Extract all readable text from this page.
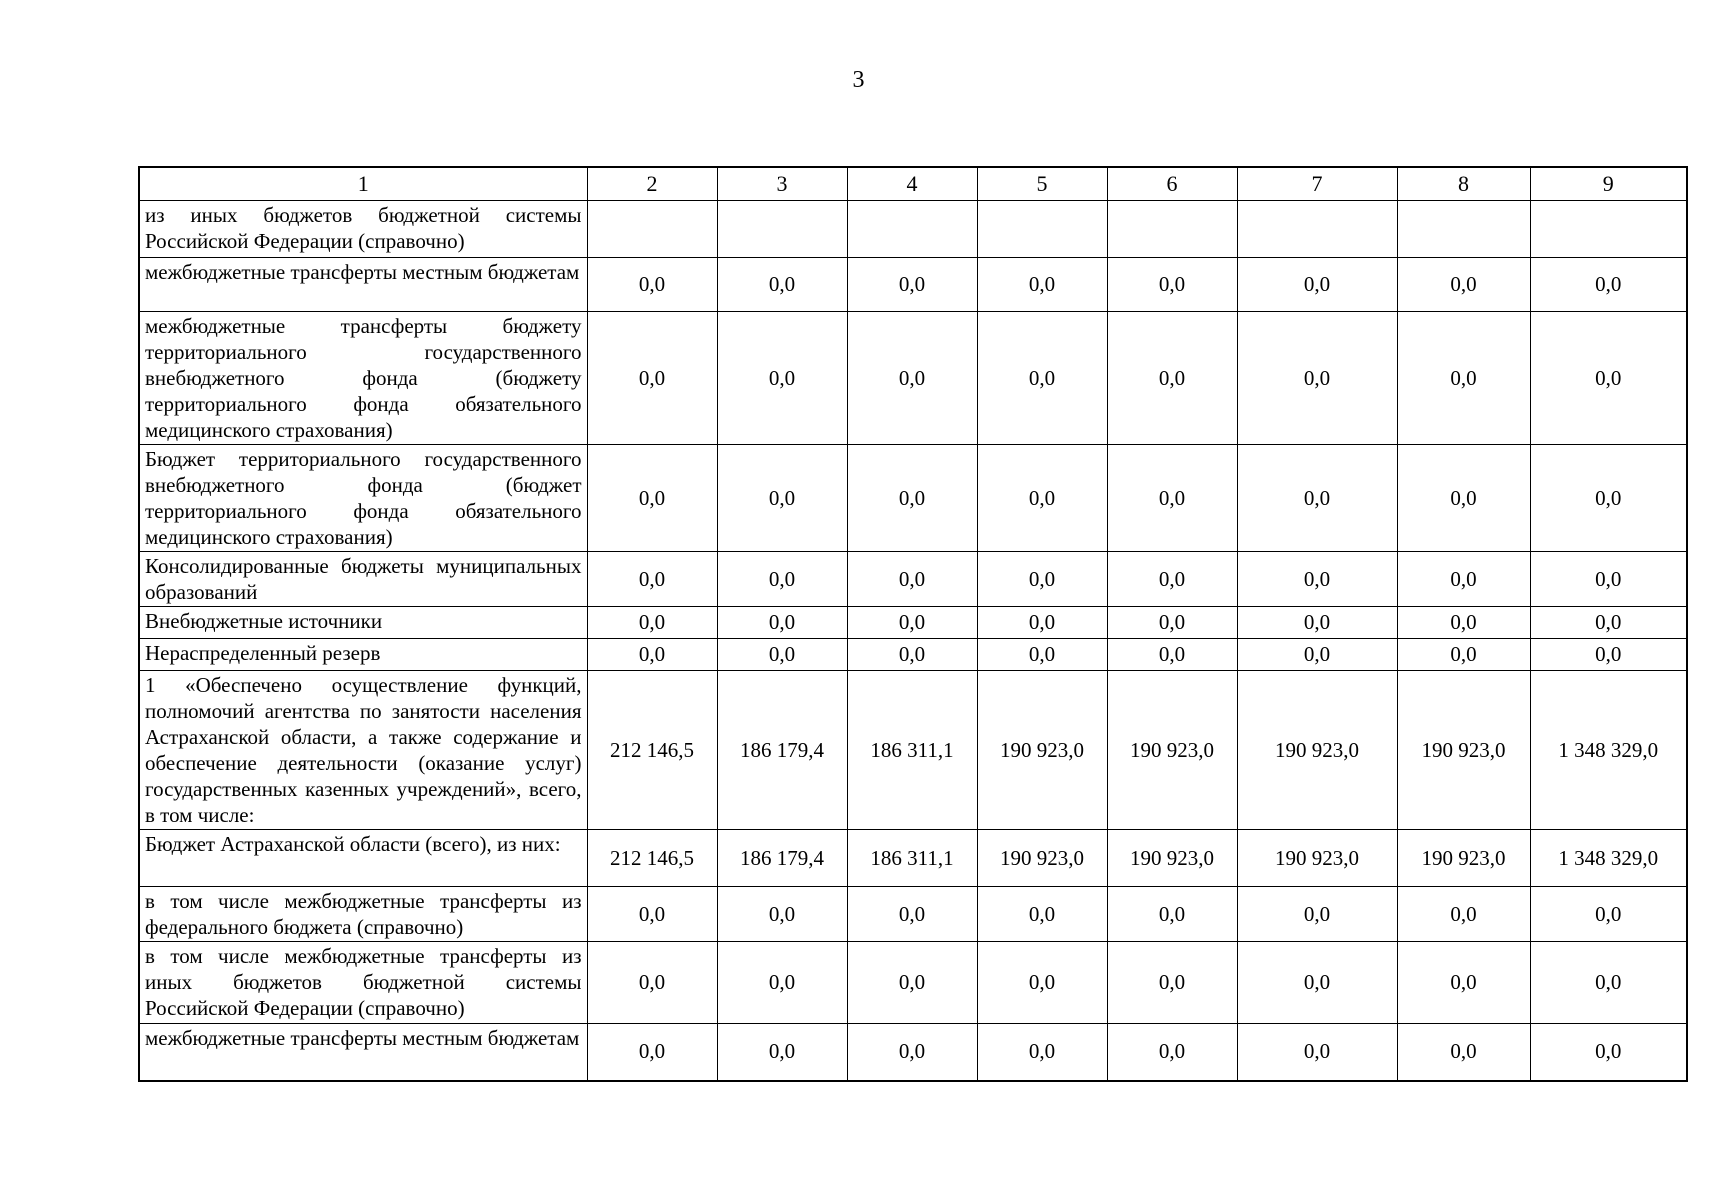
3
1	2	3	4	5	6	7	8	9
из иных бюджетов бюджетной системы Российской Федерации (справочно)								
межбюджетные трансферты местным бюджетам	0,0	0,0	0,0	0,0	0,0	0,0	0,0	0,0
межбюджетные трансферты бюджету территориального государственного внебюджетного фонда (бюджету территориального фонда обязательного медицинского страхования)	0,0	0,0	0,0	0,0	0,0	0,0	0,0	0,0
Бюджет территориального государственного внебюджетного фонда (бюджет территориального фонда обязательного медицинского страхования)	0,0	0,0	0,0	0,0	0,0	0,0	0,0	0,0
Консолидированные бюджеты муниципальных образований	0,0	0,0	0,0	0,0	0,0	0,0	0,0	0,0
Внебюджетные источники	0,0	0,0	0,0	0,0	0,0	0,0	0,0	0,0
Нераспределенный резерв	0,0	0,0	0,0	0,0	0,0	0,0	0,0	0,0
1 «Обеспечено осуществление функций, полномочий агентства по занятости населения Астраханской области, а также содержание и обеспечение деятельности (оказание услуг) государственных казенных учреждений», всего, в том числе:	212 146,5	186 179,4	186 311,1	190 923,0	190 923,0	190 923,0	190 923,0	1 348 329,0
Бюджет Астраханской области (всего), из них:	212 146,5	186 179,4	186 311,1	190 923,0	190 923,0	190 923,0	190 923,0	1 348 329,0
в том числе межбюджетные трансферты из федерального бюджета (справочно)	0,0	0,0	0,0	0,0	0,0	0,0	0,0	0,0
в том числе межбюджетные трансферты из иных бюджетов бюджетной системы Российской Федерации (справочно)	0,0	0,0	0,0	0,0	0,0	0,0	0,0	0,0
межбюджетные трансферты местным бюджетам	0,0	0,0	0,0	0,0	0,0	0,0	0,0	0,0
